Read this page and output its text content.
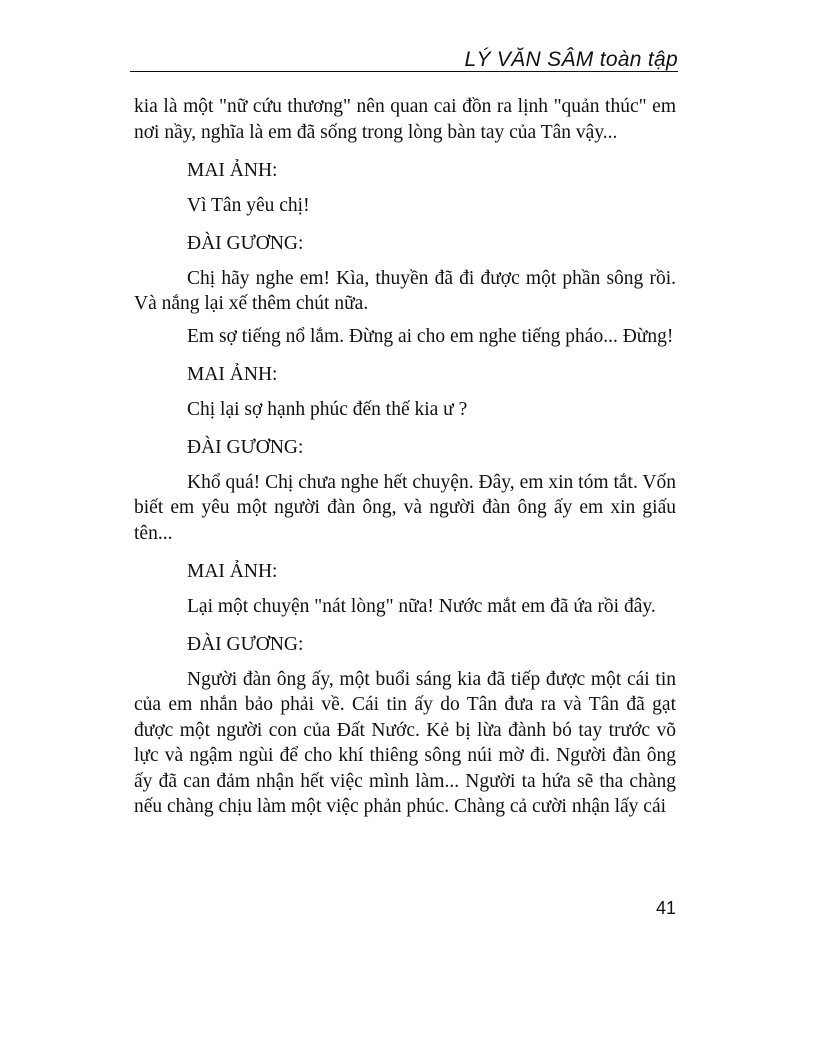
LÝ VĂN SÂM toàn tập

kia là một "nữ cứu thương" nên quan cai đồn ra lịnh "quản thúc" em nơi nầy, nghĩa là em đã sống trong lòng bàn tay của Tân vậy...

MAI ẢNH:

Vì Tân yêu chị!

ĐÀI GƯƠNG:

Chị hãy nghe em! Kìa, thuyền đã đi được một phần sông rồi. Và nắng lại xế thêm chút nữa.

Em sợ tiếng nổ lắm. Đừng ai cho em nghe tiếng pháo... Đừng!

MAI ẢNH:

Chị lại sợ hạnh phúc đến thế kia ư ?

ĐÀI GƯƠNG:

Khổ quá! Chị chưa nghe hết chuyện. Đây, em xin tóm tắt. Vốn biết em yêu một người đàn ông, và người đàn ông ấy em xin giấu tên...

MAI ẢNH:

Lại một chuyện "nát lòng" nữa! Nước mắt em đã ứa rồi đây.

ĐÀI GƯƠNG:

Người đàn ông ấy, một buổi sáng kia đã tiếp được một cái tin của em nhắn bảo phải về. Cái tin ấy do Tân đưa ra và Tân đã gạt được một người con của Đất Nước. Kẻ bị lừa đành bó tay trước võ lực và ngậm ngùi để cho khí thiêng sông núi mờ đi. Người đàn ông ấy đã can đảm nhận hết việc mình làm... Người ta hứa sẽ tha chàng nếu chàng chịu làm một việc phản phúc. Chàng cả cười nhận lấy cái

41
